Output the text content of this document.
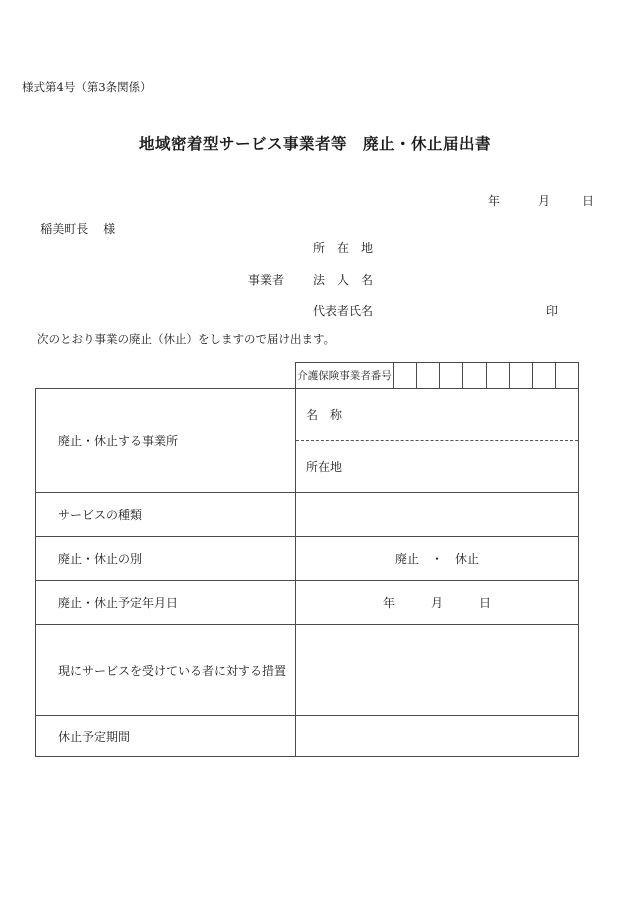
様式第4号（第3条関係）
地域密着型サービス事業者等　廃止・休止届出書
年	月	日

稲美町長 様

事業者
所　在　地
法　人　名
代表者氏名	印
次のとおり事業の廃止（休止）をしますので届け出ます。
介護保険事業者番号
廃止・休止する事業所
名　称
所在地
サービスの種類
廃止・休止の別	廃止　・　休止
廃止・休止予定年月日	年　　　月　　　日
現にサービスを受けている者に対する措置
休止予定期間
